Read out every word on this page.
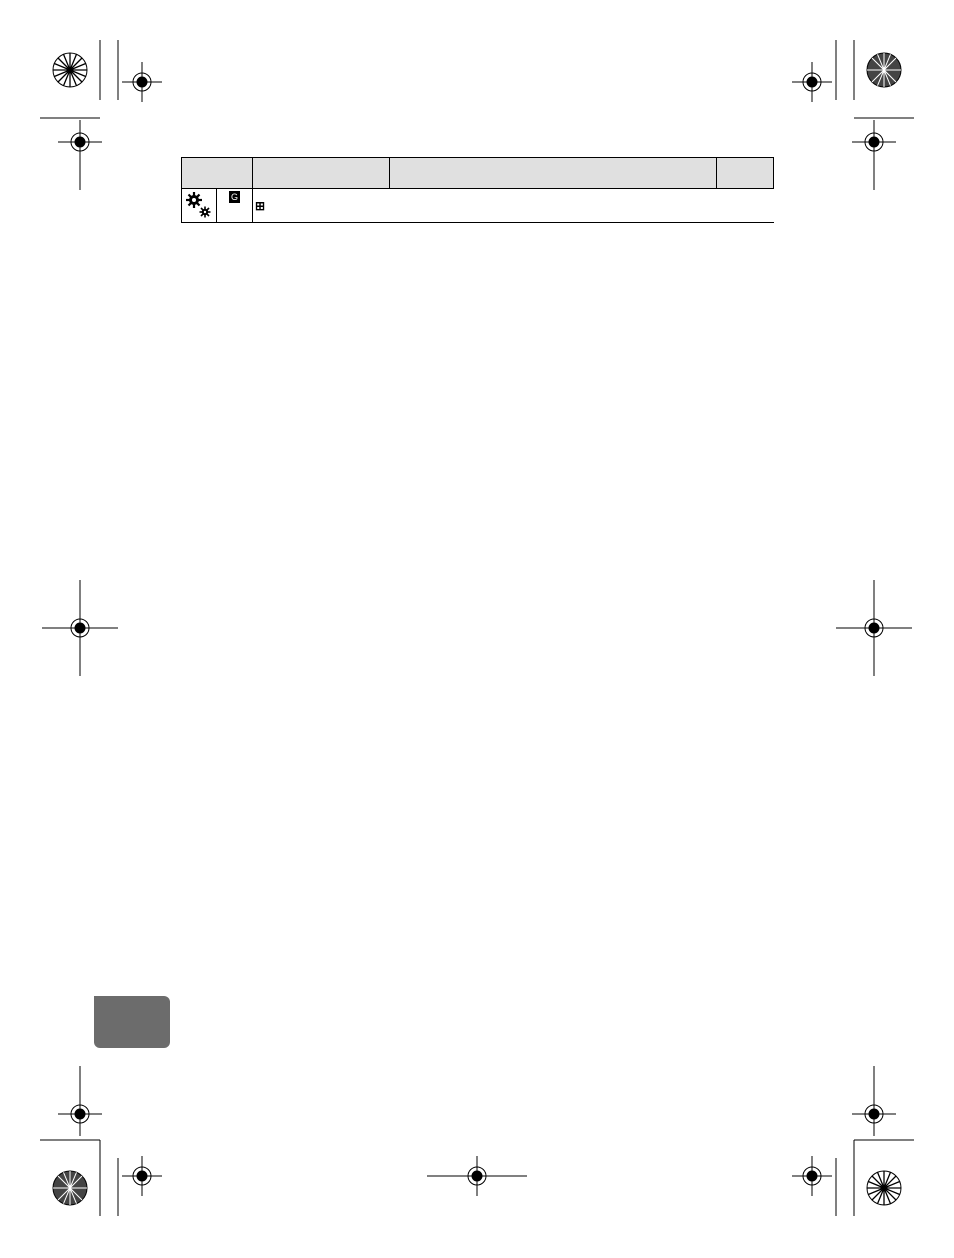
	G	⊞	
